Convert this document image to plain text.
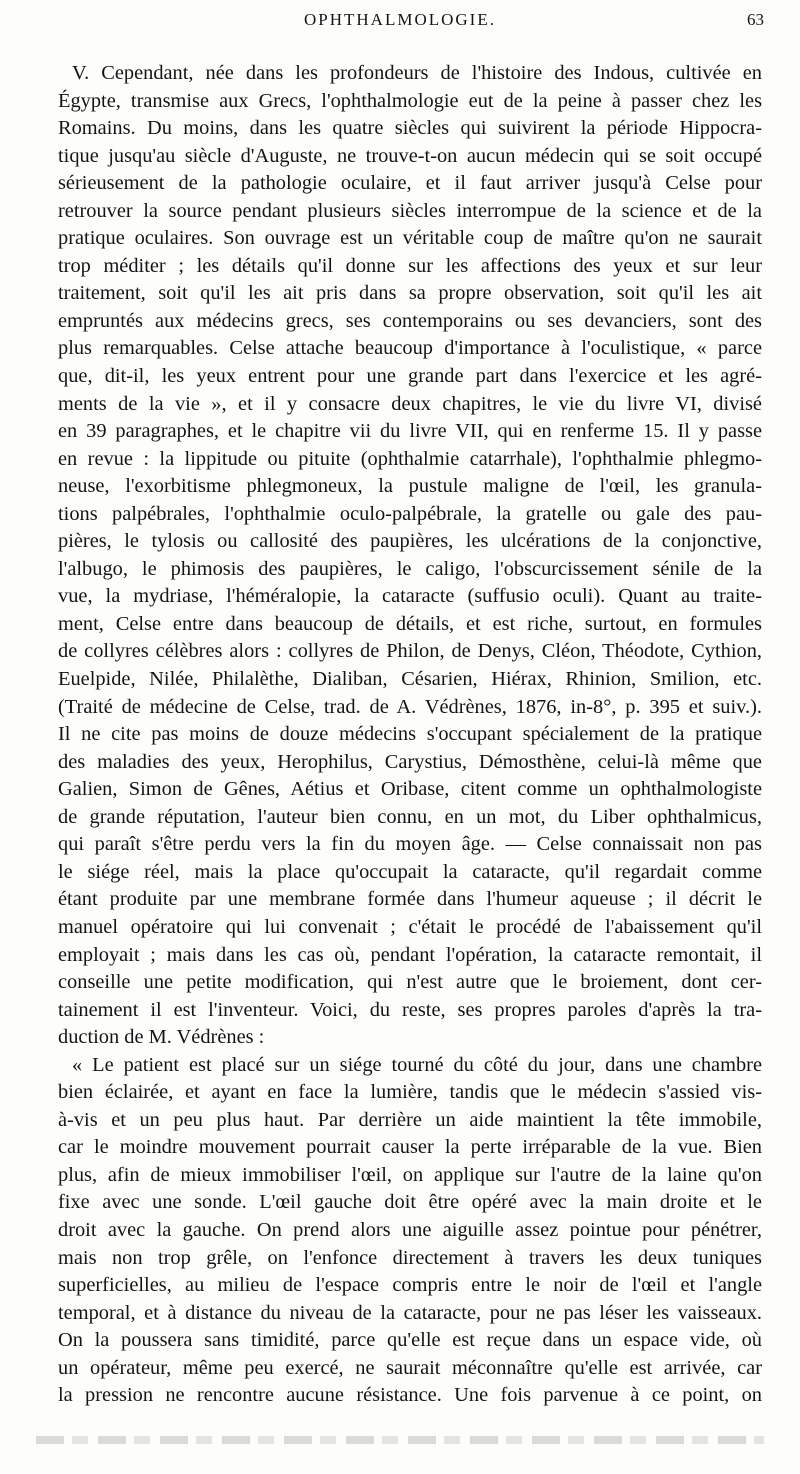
OPHTHALMOLOGIE.	63
V. Cependant, née dans les profondeurs de l'histoire des Indous, cultivée en
Égypte, transmise aux Grecs, l'ophthalmologie eut de la peine à passer chez les
Romains. Du moins, dans les quatre siècles qui suivirent la période Hippocra-
tique jusqu'au siècle d'Auguste, ne trouve-t-on aucun médecin qui se soit occupé
sérieusement de la pathologie oculaire, et il faut arriver jusqu'à Celse pour
retrouver la source pendant plusieurs siècles interrompue de la science et de la
pratique oculaires. Son ouvrage est un véritable coup de maître qu'on ne saurait
trop méditer ; les détails qu'il donne sur les affections des yeux et sur leur
traitement, soit qu'il les ait pris dans sa propre observation, soit qu'il les ait
empruntés aux médecins grecs, ses contemporains ou ses devanciers, sont des
plus remarquables. Celse attache beaucoup d'importance à l'oculistique, « parce
que, dit-il, les yeux entrent pour une grande part dans l'exercice et les agré-
ments de la vie », et il y consacre deux chapitres, le vie du livre VI, divisé
en 39 paragraphes, et le chapitre vii du livre VII, qui en renferme 15. Il y passe
en revue : la lippitude ou pituite (ophthalmie catarrhale), l'ophthalmie phlegmo-
neuse, l'exorbitisme phlegmoneux, la pustule maligne de l'œil, les granula-
tions palpébrales, l'ophthalmie oculo-palpébrale, la gratelle ou gale des pau-
pières, le tylosis ou callosité des paupières, les ulcérations de la conjonctive,
l'albugo, le phimosis des paupières, le caligo, l'obscurcissement sénile de la
vue, la mydriase, l'héméralopie, la cataracte (suffusio oculi). Quant au traite-
ment, Celse entre dans beaucoup de détails, et est riche, surtout, en formules
de collyres célèbres alors : collyres de Philon, de Denys, Cléon, Théodote, Cythion,
Euelpide, Nilée, Philalèthe, Dialiban, Césarien, Hiérax, Rhinion, Smilion, etc.
(Traité de médecine de Celse, trad. de A. Védrènes, 1876, in-8°, p. 395 et suiv.).
Il ne cite pas moins de douze médecins s'occupant spécialement de la pratique
des maladies des yeux, Herophilus, Carystius, Démosthène, celui-là même que
Galien, Simon de Gênes, Aétius et Oribase, citent comme un ophthalmologiste
de grande réputation, l'auteur bien connu, en un mot, du Liber ophthalmicus,
qui paraît s'être perdu vers la fin du moyen âge. — Celse connaissait non pas
le siége réel, mais la place qu'occupait la cataracte, qu'il regardait comme
étant produite par une membrane formée dans l'humeur aqueuse ; il décrit le
manuel opératoire qui lui convenait ; c'était le procédé de l'abaissement qu'il
employait ; mais dans les cas où, pendant l'opération, la cataracte remontait, il
conseille une petite modification, qui n'est autre que le broiement, dont cer-
tainement il est l'inventeur. Voici, du reste, ses propres paroles d'après la tra-
duction de M. Védrènes :
« Le patient est placé sur un siége tourné du côté du jour, dans une chambre
bien éclairée, et ayant en face la lumière, tandis que le médecin s'assied vis-
à-vis et un peu plus haut. Par derrière un aide maintient la tête immobile,
car le moindre mouvement pourrait causer la perte irréparable de la vue. Bien
plus, afin de mieux immobiliser l'œil, on applique sur l'autre de la laine qu'on
fixe avec une sonde. L'œil gauche doit être opéré avec la main droite et le
droit avec la gauche. On prend alors une aiguille assez pointue pour pénétrer,
mais non trop grêle, on l'enfonce directement à travers les deux tuniques
superficielles, au milieu de l'espace compris entre le noir de l'œil et l'angle
temporal, et à distance du niveau de la cataracte, pour ne pas léser les vaisseaux.
On la poussera sans timidité, parce qu'elle est reçue dans un espace vide, où
un opérateur, même peu exercé, ne saurait méconnaître qu'elle est arrivée, car
la pression ne rencontre aucune résistance. Une fois parvenue à ce point, on
